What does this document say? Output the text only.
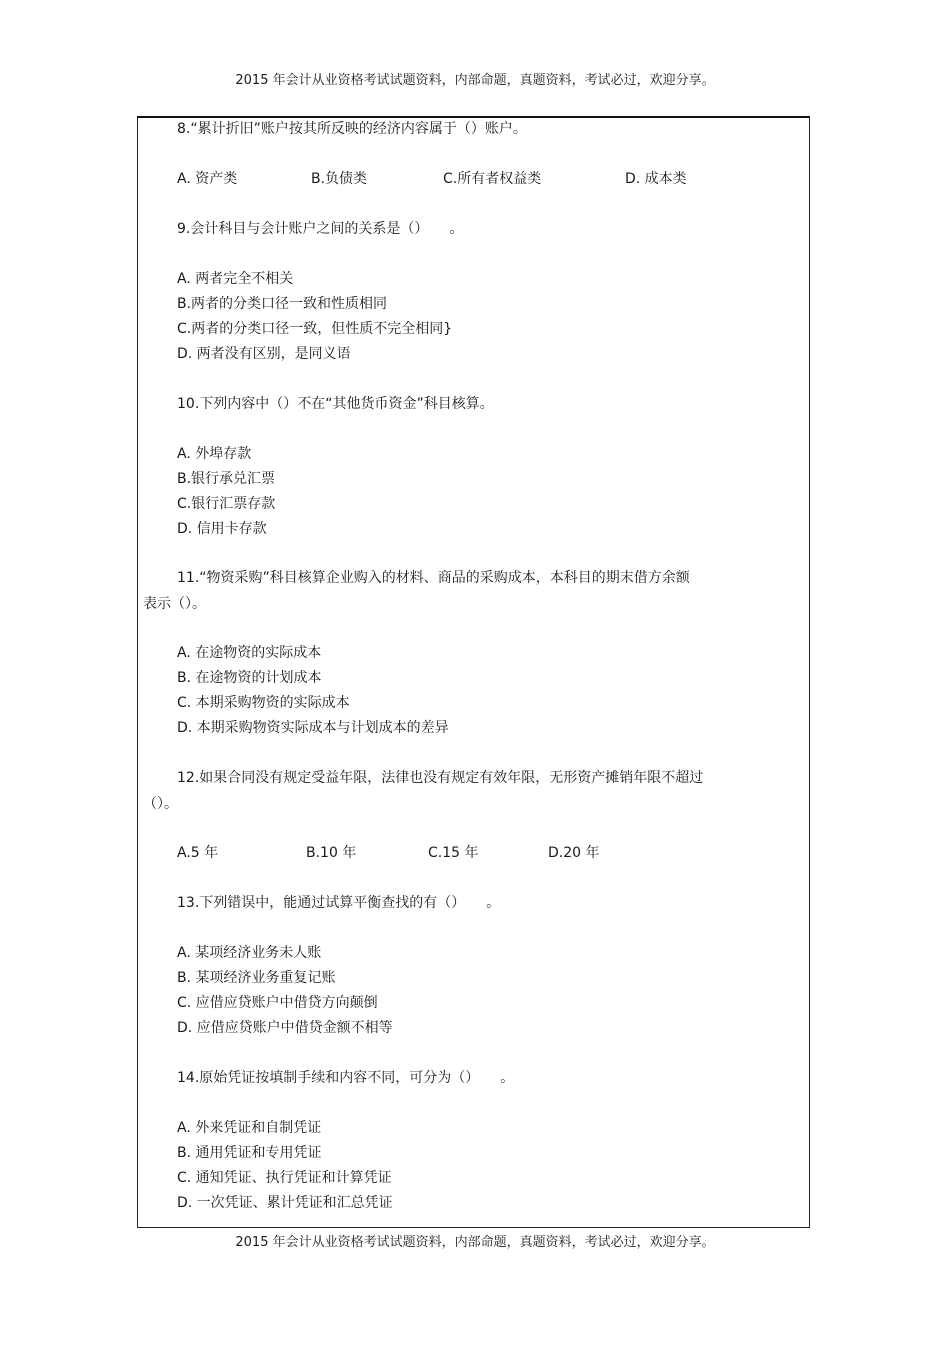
2015 年会计从业资格考试试题资料，内部命题，真题资料，考试必过，欢迎分享。
8.“累计折旧”账户按其所反映的经济内容属于（）账户。
A. 资产类	B.负债类	C.所有者权益类	D. 成本类
9.会计科目与会计账户之间的关系是（）　　。
A. 两者完全不相关
B.两者的分类口径一致和性质相同
C.两者的分类口径一致，但性质不完全相同}
D. 两者没有区别，是同义语
10.下列内容中（）不在“其他货币资金”科目核算。
A. 外埠存款
B.银行承兑汇票
C.银行汇票存款
D. 信用卡存款
11.“物资采购”科目核算企业购入的材料、商品的采购成本，本科目的期末借方余额
表示（）。
A. 在途物资的实际成本
B. 在途物资的计划成本
C. 本期采购物资的实际成本
D. 本期采购物资实际成本与计划成本的差异
12.如果合同没有规定受益年限，法律也没有规定有效年限，无形资产摊销年限不超过
（）。
A.5 年	B.10 年	C.15 年	D.20 年
13.下列错误中，能通过试算平衡查找的有（）　　。
A. 某项经济业务未人账
B. 某项经济业务重复记账
C. 应借应贷账户中借贷方向颠倒
D. 应借应贷账户中借贷金额不相等
14.原始凭证按填制手续和内容不同，可分为（）　　。
A. 外来凭证和自制凭证
B. 通用凭证和专用凭证
C. 通知凭证、执行凭证和计算凭证
D. 一次凭证、累计凭证和汇总凭证
2015 年会计从业资格考试试题资料，内部命题，真题资料，考试必过，欢迎分享。
